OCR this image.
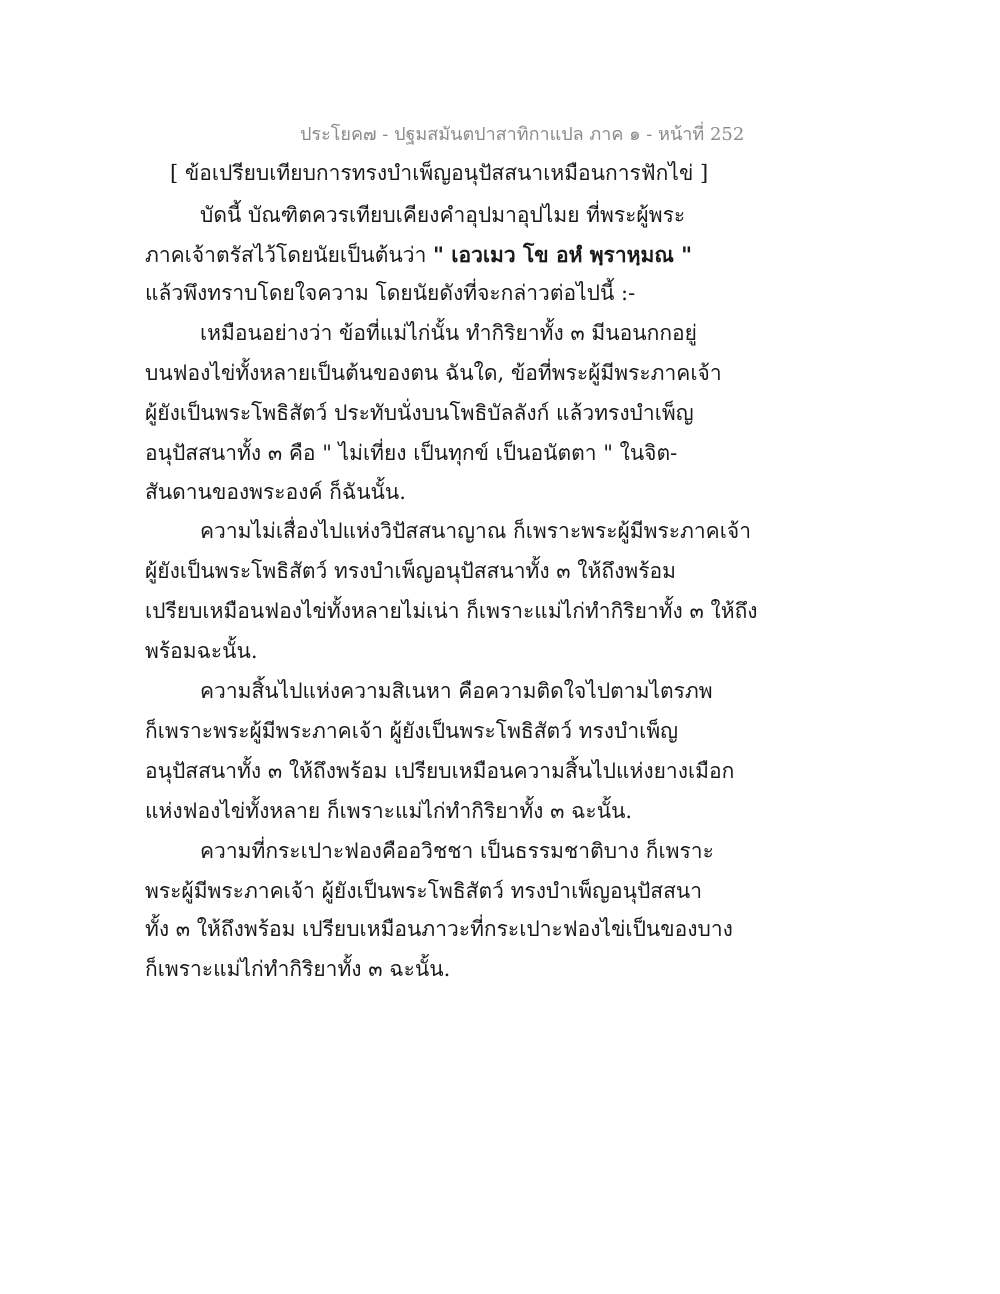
ประโยค๗ - ปฐมสมันตปาสาทิกาแปล ภาค ๑ - หน้าที่ 252
[ ข้อเปรียบเทียบการทรงบำเพ็ญอนุปัสสนาเหมือนการฟักไข่ ]
บัดนี้ บัณฑิตควรเทียบเคียงคำอุปมาอุปไมย ที่พระผู้พระ
ภาคเจ้าตรัสไว้โดยนัยเป็นต้นว่า " เอวเมว โข อหํ พฺราหฺมณ "
แล้วพึงทราบโดยใจความ โดยนัยดังที่จะกล่าวต่อไปนี้ :-
เหมือนอย่างว่า ข้อที่แม่ไก่นั้น ทำกิริยาทั้ง ๓ มีนอนกกอยู่
บนฟองไข่ทั้งหลายเป็นต้นของตน ฉันใด, ข้อที่พระผู้มีพระภาคเจ้า
ผู้ยังเป็นพระโพธิสัตว์ ประทับนั่งบนโพธิบัลลังก์ แล้วทรงบำเพ็ญ
อนุปัสสนาทั้ง ๓ คือ " ไม่เที่ยง เป็นทุกข์ เป็นอนัตตา " ในจิต-
สันดานของพระองค์ ก็ฉันนั้น.
ความไม่เสื่องไปแห่งวิปัสสนาญาณ ก็เพราะพระผู้มีพระภาคเจ้า
ผู้ยังเป็นพระโพธิสัตว์ ทรงบำเพ็ญอนุปัสสนาทั้ง ๓ ให้ถึงพร้อม
เปรียบเหมือนฟองไข่ทั้งหลายไม่เน่า ก็เพราะแม่ไก่ทำกิริยาทั้ง ๓ ให้ถึง
พร้อมฉะนั้น.
ความสิ้นไปแห่งความสิเนหา คือความติดใจไปตามไตรภพ
ก็เพราะพระผู้มีพระภาคเจ้า ผู้ยังเป็นพระโพธิสัตว์ ทรงบำเพ็ญ
อนุปัสสนาทั้ง ๓ ให้ถึงพร้อม เปรียบเหมือนความสิ้นไปแห่งยางเมือก
แห่งฟองไข่ทั้งหลาย ก็เพราะแม่ไก่ทำกิริยาทั้ง ๓ ฉะนั้น.
ความที่กระเปาะฟองคืออวิชชา เป็นธรรมชาติบาง ก็เพราะ
พระผู้มีพระภาคเจ้า ผู้ยังเป็นพระโพธิสัตว์ ทรงบำเพ็ญอนุปัสสนา
ทั้ง ๓ ให้ถึงพร้อม เปรียบเหมือนภาวะที่กระเปาะฟองไข่เป็นของบาง
ก็เพราะแม่ไก่ทำกิริยาทั้ง ๓ ฉะนั้น.
